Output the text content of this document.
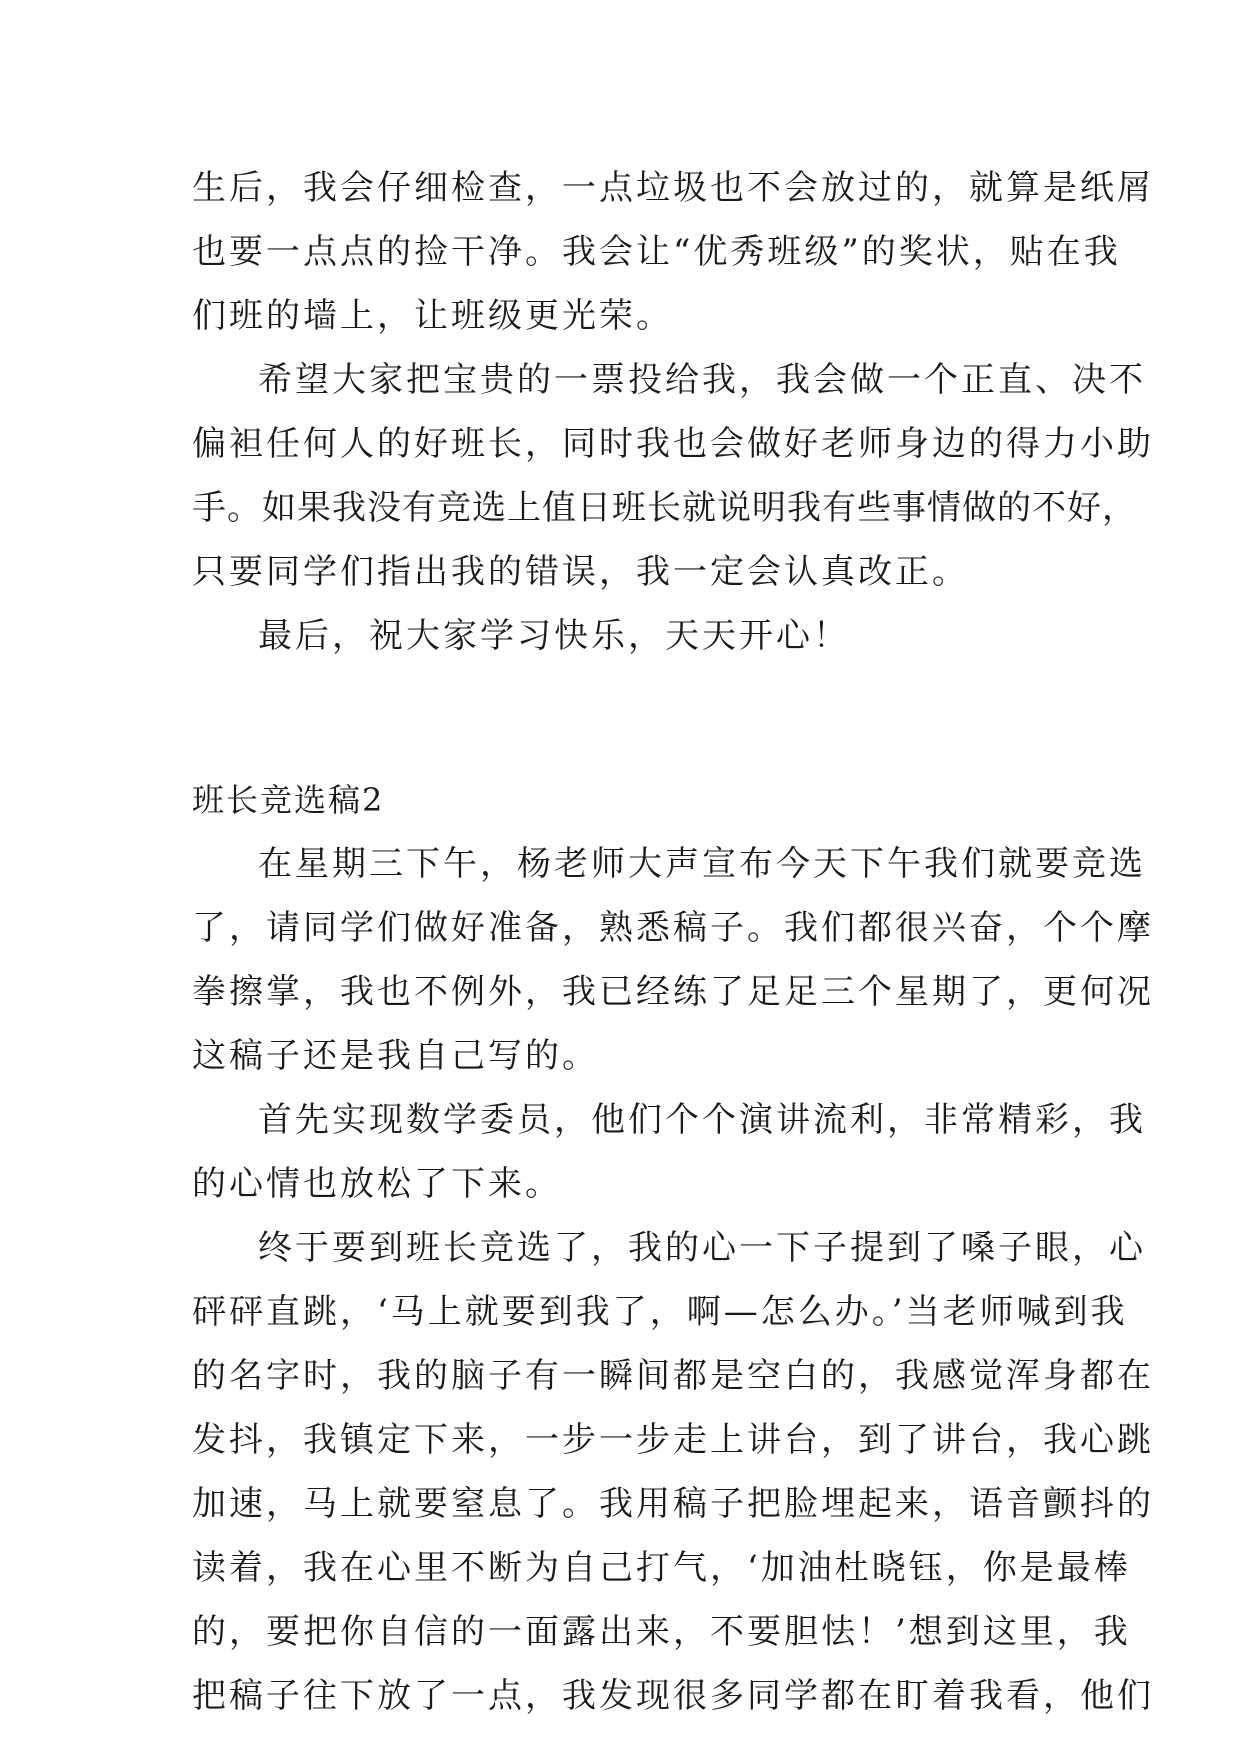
生后，我会仔细检查，一点垃圾也不会放过的，就算是纸屑
也要一点点的捡干净。我会让“优秀班级”的奖状，贴在我
们班的墙上，让班级更光荣。
希望大家把宝贵的一票投给我，我会做一个正直、决不
偏袒任何人的好班长，同时我也会做好老师身边的得力小助
手。如果我没有竞选上值日班长就说明我有些事情做的不好，
只要同学们指出我的错误，我一定会认真改正。
最后，祝大家学习快乐，天天开心！
班长竞选稿2
在星期三下午，杨老师大声宣布今天下午我们就要竞选
了，请同学们做好准备，熟悉稿子。我们都很兴奋，个个摩
拳擦掌，我也不例外，我已经练了足足三个星期了，更何况
这稿子还是我自己写的。
首先实现数学委员，他们个个演讲流利，非常精彩，我
的心情也放松了下来。
终于要到班长竞选了，我的心一下子提到了嗓子眼，心
砰砰直跳，‘马上就要到我了，啊—怎么办。’当老师喊到我
的名字时，我的脑子有一瞬间都是空白的，我感觉浑身都在
发抖，我镇定下来，一步一步走上讲台，到了讲台，我心跳
加速，马上就要窒息了。我用稿子把脸埋起来，语音颤抖的
读着，我在心里不断为自己打气，‘加油杜晓钰，你是最棒
的，要把你自信的一面露出来，不要胆怯！’想到这里，我
把稿子往下放了一点，我发现很多同学都在盯着我看，他们
